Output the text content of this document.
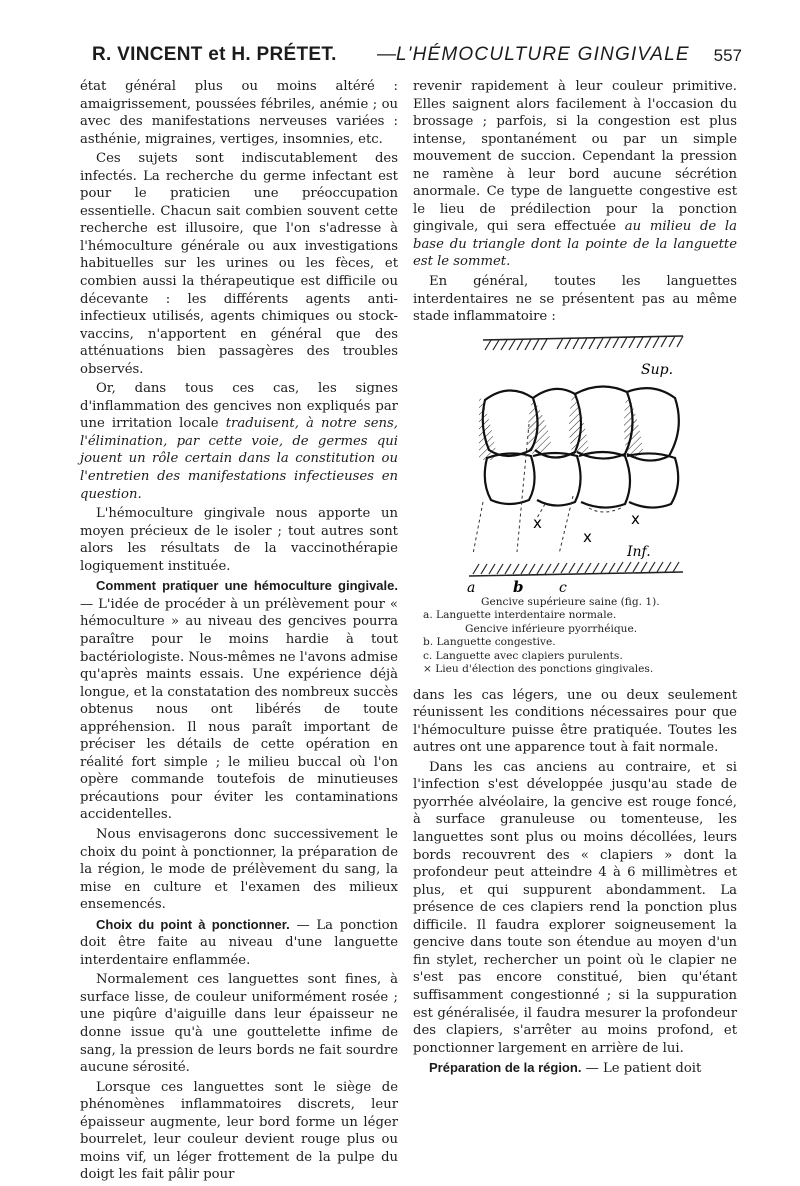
R. VINCENT et H. PRÉTET. — L'HÉMOCULTURE GINGIVALE 557

état général plus ou moins altéré : amaigrissement, poussées fébriles, anémie ; ou avec des manifestations nerveuses variées : asthénie, migraines, vertiges, insomnies, etc.

Ces sujets sont indiscutablement des infectés. La recherche du germe infectant est pour le praticien une préoccupation essentielle. Chacun sait combien souvent cette recherche est illusoire, que l'on s'adresse à l'hémoculture générale ou aux investigations habituelles sur les urines ou les fèces, et combien aussi la thérapeutique est difficile ou décevante : les différents agents anti-infectieux utilisés, agents chimiques ou stock-vaccins, n'apportent en général que des atténuations bien passagères des troubles observés.

Or, dans tous ces cas, les signes d'inflammation des gencives non expliqués par une irritation locale traduisent, à notre sens, l'élimination, par cette voie, de germes qui jouent un rôle certain dans la constitution ou l'entretien des manifestations infectieuses en question.

L'hémoculture gingivale nous apporte un moyen précieux de le isoler ; tout autres sont alors les résultats de la vaccinothérapie logiquement instituée.

Comment pratiquer une hémoculture gingivale. — L'idée de procéder à un prélèvement pour « hémoculture » au niveau des gencives pourra paraître pour le moins hardie à tout bactériologiste. Nous-mêmes ne l'avons admise qu'après maints essais. Une expérience déjà longue, et la constatation des nombreux succès obtenus nous ont libérés de toute appréhension. Il nous paraît important de préciser les détails de cette opération en réalité fort simple ; le milieu buccal où l'on opère commande toutefois de minutieuses précautions pour éviter les contaminations accidentelles.

Nous envisagerons donc successivement le choix du point à ponctionner, la préparation de la région, le mode de prélèvement du sang, la mise en culture et l'examen des milieux ensemencés.

Choix du point à ponctionner. — La ponction doit être faite au niveau d'une languette interdentaire enflammée.

Normalement ces languettes sont fines, à surface lisse, de couleur uniformément rosée ; une piqûre d'aiguille dans leur épaisseur ne donne issue qu'à une gouttelette infime de sang, la pression de leurs bords ne fait sourdre aucune sérosité.

Lorsque ces languettes sont le siège de phénomènes inflammatoires discrets, leur épaisseur augmente, leur bord forme un léger bourrelet, leur couleur devient rouge plus ou moins vif, un léger frottement de la pulpe du doigt les fait pâlir pour

revenir rapidement à leur couleur primitive. Elles saignent alors facilement à l'occasion du brossage ; parfois, si la congestion est plus intense, spontanément ou par un simple mouvement de succion. Cependant la pression ne ramène à leur bord aucune sécrétion anormale. Ce type de languette congestive est le lieu de prédilection pour la ponction gingivale, qui sera effectuée au milieu de la base du triangle dont la pointe de la languette est le sommet.

En général, toutes les languettes interdentaires ne se présentent pas au même stade inflammatoire :

Sup.
x
x
x
Inf.
a	b	c
Gencive supérieure saine (fig. 1).
a. Languette interdentaire normale.
Gencive inférieure pyorrhéique.
b. Languette congestive.
c. Languette avec clapiers purulents.
× Lieu d'élection des ponctions gingivales.

dans les cas légers, une ou deux seulement réunissent les conditions nécessaires pour que l'hémoculture puisse être pratiquée. Toutes les autres ont une apparence tout à fait normale.

Dans les cas anciens au contraire, et si l'infection s'est développée jusqu'au stade de pyorrhée alvéolaire, la gencive est rouge foncé, à surface granuleuse ou tomenteuse, les languettes sont plus ou moins décollées, leurs bords recouvrent des « clapiers » dont la profondeur peut atteindre 4 à 6 millimètres et plus, et qui suppurent abondamment. La présence de ces clapiers rend la ponction plus difficile. Il faudra explorer soigneusement la gencive dans toute son étendue au moyen d'un fin stylet, rechercher un point où le clapier ne s'est pas encore constitué, bien qu'étant suffisamment congestionné ; si la suppuration est généralisée, il faudra mesurer la profondeur des clapiers, s'arrêter au moins profond, et ponctionner largement en arrière de lui.

Préparation de la région. — Le patient doit
